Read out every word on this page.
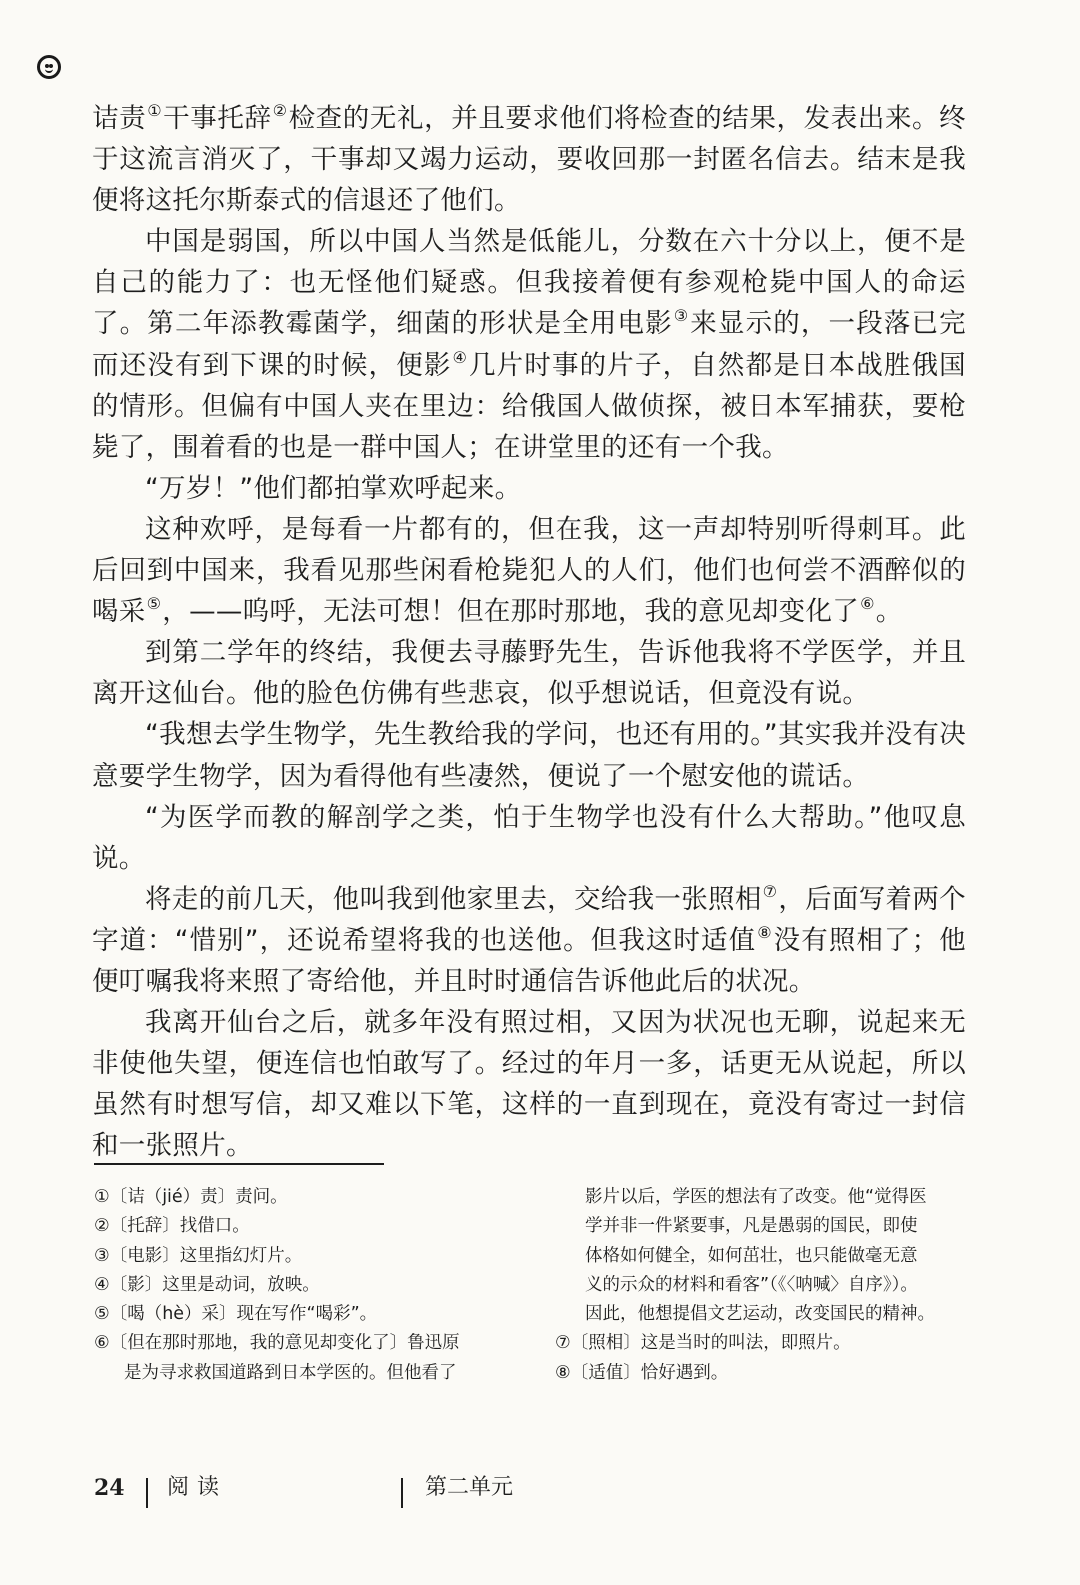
诘责①干事托辞②检查的无礼，并且要求他们将检查的结果，发表出来。终于这流言消灭了，干事却又竭力运动，要收回那一封匿名信去。结末是我便将这托尔斯泰式的信退还了他们。

中国是弱国，所以中国人当然是低能儿，分数在六十分以上，便不是自己的能力了：也无怪他们疑惑。但我接着便有参观枪毙中国人的命运了。第二年添教霉菌学，细菌的形状是全用电影③来显示的，一段落已完而还没有到下课的时候，便影④几片时事的片子，自然都是日本战胜俄国的情形。但偏有中国人夹在里边：给俄国人做侦探，被日本军捕获，要枪毙了，围着看的也是一群中国人；在讲堂里的还有一个我。

“万岁！”他们都拍掌欢呼起来。

这种欢呼，是每看一片都有的，但在我，这一声却特别听得刺耳。此后回到中国来，我看见那些闲看枪毙犯人的人们，他们也何尝不酒醉似的喝采⑤，——呜呼，无法可想！但在那时那地，我的意见却变化了⑥。

到第二学年的终结，我便去寻藤野先生，告诉他我将不学医学，并且离开这仙台。他的脸色仿佛有些悲哀，似乎想说话，但竟没有说。

“我想去学生物学，先生教给我的学问，也还有用的。”其实我并没有决意要学生物学，因为看得他有些凄然，便说了一个慰安他的谎话。

“为医学而教的解剖学之类，怕于生物学也没有什么大帮助。”他叹息说。

将走的前几天，他叫我到他家里去，交给我一张照相⑦，后面写着两个字道：“惜别”，还说希望将我的也送他。但我这时适值⑧没有照相了；他便叮嘱我将来照了寄给他，并且时时通信告诉他此后的状况。

我离开仙台之后，就多年没有照过相，又因为状况也无聊，说起来无非使他失望，便连信也怕敢写了。经过的年月一多，话更无从说起，所以虽然有时想写信，却又难以下笔，这样的一直到现在，竟没有寄过一封信和一张照片。

①〔诘（jié）责〕责问。

②〔托辞〕找借口。

③〔电影〕这里指幻灯片。

④〔影〕这里是动词，放映。

⑤〔喝（hè）采〕现在写作“喝彩”。

⑥〔但在那时那地，我的意见却变化了〕鲁迅原

是为寻求救国道路到日本学医的。但他看了

影片以后，学医的想法有了改变。他“觉得医

学并非一件紧要事，凡是愚弱的国民，即使

体格如何健全，如何茁壮，也只能做毫无意

义的示众的材料和看客”（《〈呐喊〉自序》）。

因此，他想提倡文艺运动，改变国民的精神。

⑦〔照相〕这是当时的叫法，即照片。

⑧〔适值〕恰好遇到。

24 阅读	第二单元
